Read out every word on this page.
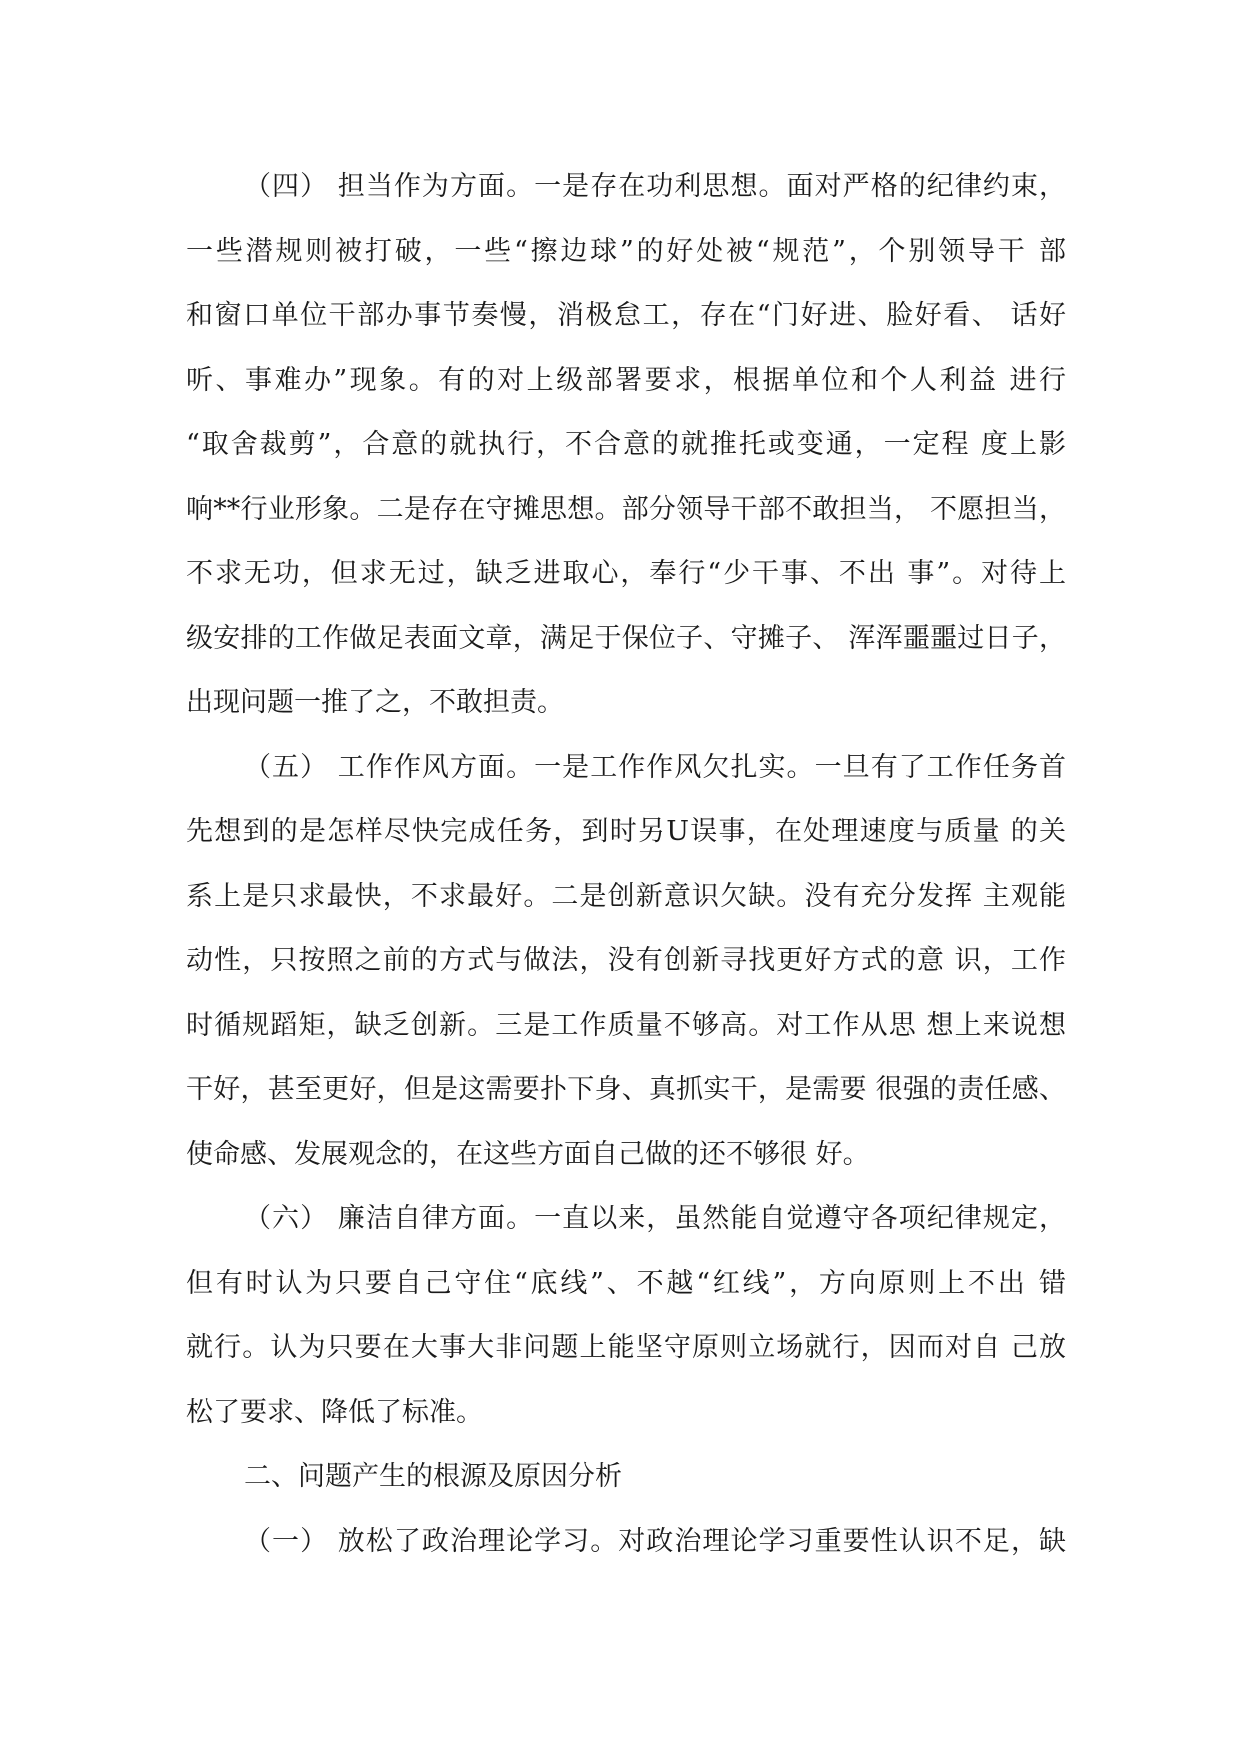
（四） 担当作为方面。一是存在功利思想。面对严格的纪律约束，
一些潜规则被打破，一些“擦边球”的好处被“规范”，个别领导干 部
和窗口单位干部办事节奏慢，消极怠工，存在“门好进、脸好看、 话好
听、事难办”现象。有的对上级部署要求，根据单位和个人利益 进行
“取舍裁剪”，合意的就执行，不合意的就推托或变通，一定程 度上影
响**行业形象。二是存在守摊思想。部分领导干部不敢担当， 不愿担当，
不求无功，但求无过，缺乏进取心，奉行“少干事、不出 事”。对待上
级安排的工作做足表面文章，满足于保位子、守摊子、 浑浑噩噩过日子，
出现问题一推了之，不敢担责。
（五） 工作作风方面。一是工作作风欠扎实。一旦有了工作任务首
先想到的是怎样尽快完成任务，到时另U误事，在处理速度与质量 的关
系上是只求最快，不求最好。二是创新意识欠缺。没有充分发挥 主观能
动性，只按照之前的方式与做法，没有创新寻找更好方式的意 识，工作
时循规蹈矩，缺乏创新。三是工作质量不够高。对工作从思 想上来说想
干好，甚至更好，但是这需要扑下身、真抓实干，是需要 很强的责任感、
使命感、发展观念的，在这些方面自己做的还不够很 好。
（六） 廉洁自律方面。一直以来，虽然能自觉遵守各项纪律规定，
但有时认为只要自己守住“底线”、不越“红线”，方向原则上不出 错
就行。认为只要在大事大非问题上能坚守原则立场就行，因而对自 己放
松了要求、降低了标准。
二、问题产生的根源及原因分析
（一） 放松了政治理论学习。对政治理论学习重要性认识不足，缺
